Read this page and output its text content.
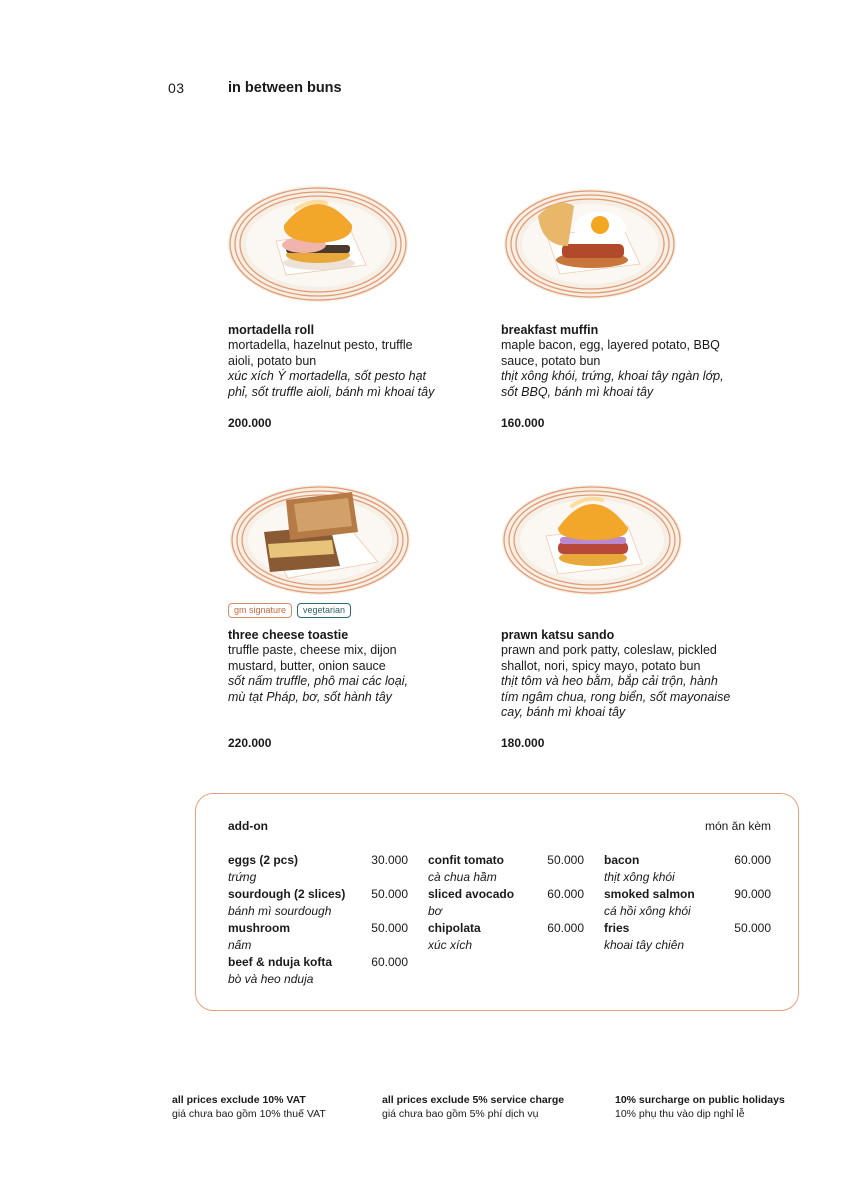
03	in between buns
mortadella roll
mortadella, hazelnut pesto, truffle
aioli, potato bun
xúc xích Ý mortadella, sốt pesto hạt
phỉ, sốt truffle aioli, bánh mì khoai tây
200.000
breakfast muffin
maple bacon, egg, layered potato, BBQ
sauce, potato bun
thịt xông khói, trứng, khoai tây ngàn lớp,
sốt BBQ, bánh mì khoai tây
160.000
gm signature	vegetarian
three cheese toastie
truffle paste, cheese mix, dijon
mustard, butter, onion sauce
sốt nấm truffle, phô mai các loại,
mù tạt Pháp, bơ, sốt hành tây
220.000
prawn katsu sando
prawn and pork patty, coleslaw, pickled
shallot, nori, spicy mayo, potato bun
thịt tôm và heo bằm, bắp cải trộn, hành
tím ngâm chua, rong biển, sốt mayonaise
cay, bánh mì khoai tây
180.000
add-on	món ăn kèm
eggs (2 pcs)
trứng
30.000
sourdough (2 slices)
bánh mì sourdough
50.000
mushroom
nấm
50.000
beef & nduja kofta
bò và heo nduja
60.000
confit tomato
cà chua hầm
50.000
sliced avocado
bơ
60.000
chipolata
xúc xích
60.000
bacon
thịt xông khói
60.000
smoked salmon
cá hồi xông khói
90.000
fries
khoai tây chiên
50.000
all prices exclude 10% VAT
giá chưa bao gồm 10% thuế VAT
all prices exclude 5% service charge
giá chưa bao gồm 5% phí dịch vụ
10% surcharge on public holidays
10% phụ thu vào dịp nghỉ lễ
